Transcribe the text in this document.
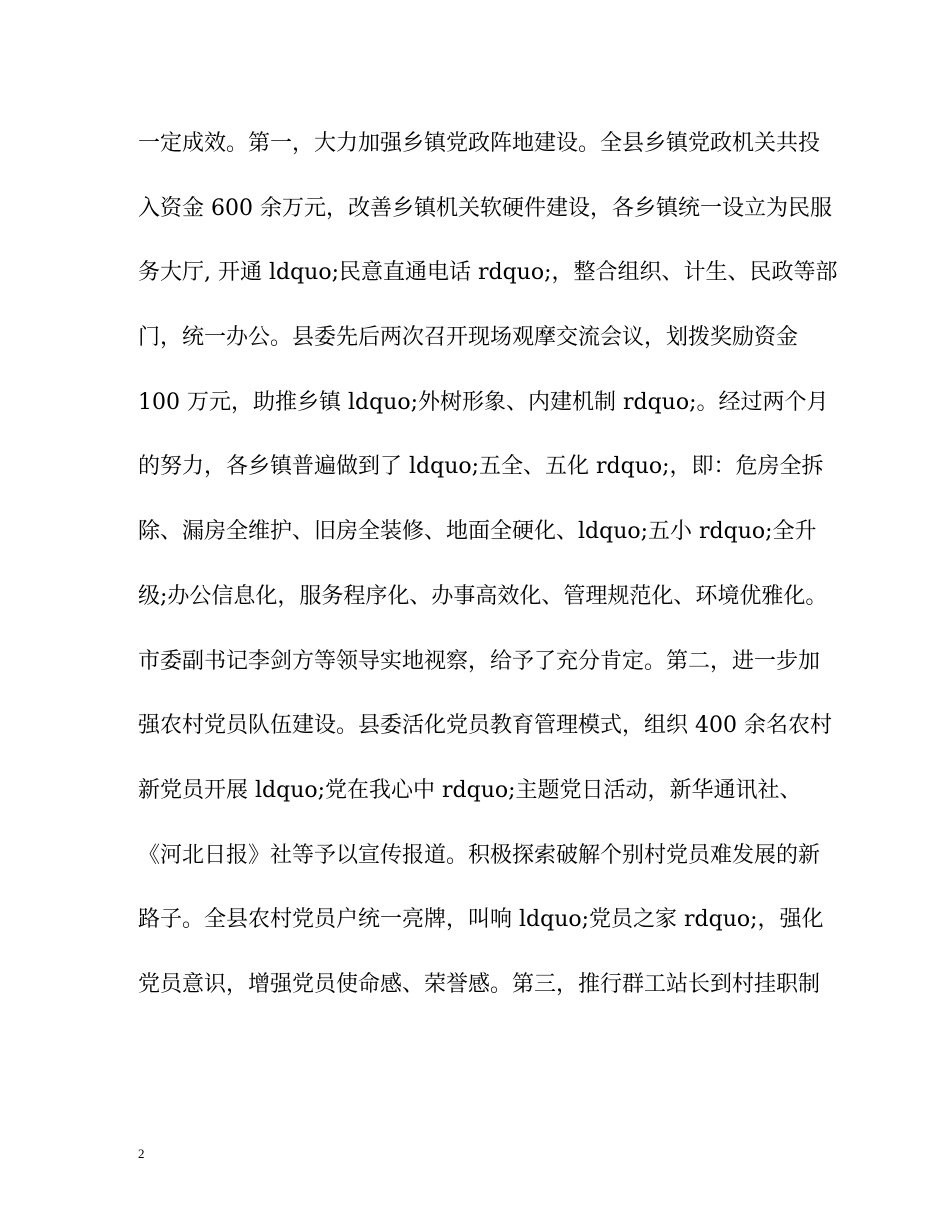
一定成效。第一，大力加强乡镇党政阵地建设。全县乡镇党政机关共投
入资金 600 余万元，改善乡镇机关软硬件建设，各乡镇统一设立为民服
务大厅, 开通 ldquo;民意直通电话 rdquo;，整合组织、计生、民政等部
门，统一办公。县委先后两次召开现场观摩交流会议，划拨奖励资金
100 万元，助推乡镇 ldquo;外树形象、内建机制 rdquo;。经过两个月
的努力，各乡镇普遍做到了 ldquo;五全、五化 rdquo;，即：危房全拆
除、漏房全维护、旧房全装修、地面全硬化、ldquo;五小 rdquo;全升
级;办公信息化，服务程序化、办事高效化、管理规范化、环境优雅化。
市委副书记李剑方等领导实地视察，给予了充分肯定。第二，进一步加
强农村党员队伍建设。县委活化党员教育管理模式，组织 400 余名农村
新党员开展 ldquo;党在我心中 rdquo;主题党日活动，新华通讯社、
《河北日报》社等予以宣传报道。积极探索破解个别村党员难发展的新
路子。全县农村党员户统一亮牌，叫响 ldquo;党员之家 rdquo;，强化
党员意识，增强党员使命感、荣誉感。第三，推行群工站长到村挂职制
2
